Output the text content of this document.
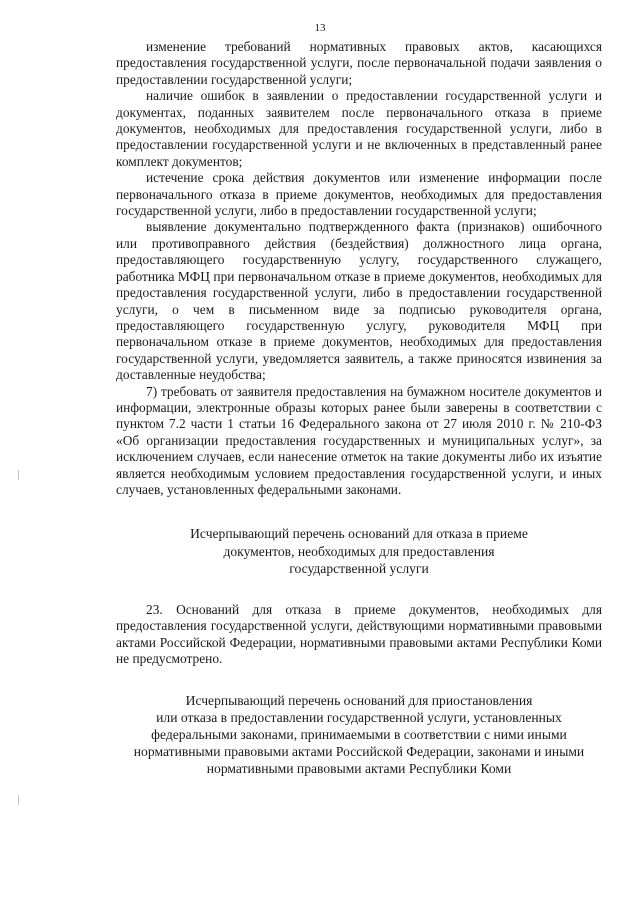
13

изменение требований нормативных правовых актов, касающихся предоставления государственной услуги, после первоначальной подачи заявления о предоставлении государственной услуги;

наличие ошибок в заявлении о предоставлении государственной услуги и документах, поданных заявителем после первоначального отказа в приеме документов, необходимых для предоставления государственной услуги, либо в предоставлении государственной услуги и не включенных в представленный ранее комплект документов;

истечение срока действия документов или изменение информации после первоначального отказа в приеме документов, необходимых для предоставления государственной услуги, либо в предоставлении государственной услуги;

выявление документально подтвержденного факта (признаков) ошибочного или противоправного действия (бездействия) должностного лица органа, предоставляющего государственную услугу, государственного служащего, работника МФЦ при первоначальном отказе в приеме документов, необходимых для предоставления государственной услуги, либо в предоставлении государственной услуги, о чем в письменном виде за подписью руководителя органа, предоставляющего государственную услугу, руководителя МФЦ при первоначальном отказе в приеме документов, необходимых для предоставления государственной услуги, уведомляется заявитель, а также приносятся извинения за доставленные неудобства;

7) требовать от заявителя предоставления на бумажном носителе документов и информации, электронные образы которых ранее были заверены в соответствии с пунктом 7.2 части 1 статьи 16 Федерального закона от 27 июля 2010 г. № 210-ФЗ «Об организации предоставления государственных и муниципальных услуг», за исключением случаев, если нанесение отметок на такие документы либо их изъятие является необходимым условием предоставления государственной услуги, и иных случаев, установленных федеральными законами.

Исчерпывающий перечень оснований для отказа в приеме
документов, необходимых для предоставления
государственной услуги

23. Оснований для отказа в приеме документов, необходимых для предоставления государственной услуги, действующими нормативными правовыми актами Российской Федерации, нормативными правовыми актами Республики Коми не предусмотрено.

Исчерпывающий перечень оснований для приостановления
или отказа в предоставлении государственной услуги, установленных
федеральными законами, принимаемыми в соответствии с ними иными
нормативными правовыми актами Российской Федерации, законами и иными
нормативными правовыми актами Республики Коми
